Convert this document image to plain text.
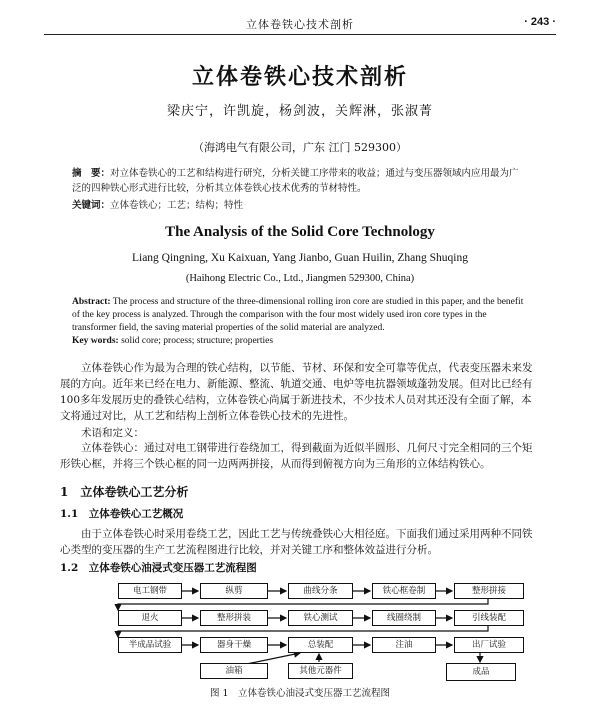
立体卷铁心技术剖析	· 243 ·
立体卷铁心技术剖析
梁庆宁，许凯旋，杨剑波，关辉淋，张淑菁
（海鸿电气有限公司，广东 江门 529300）
摘　要：对立体卷铁心的工艺和结构进行研究，分析关键工序带来的收益；通过与变压器领域内应用最为广泛的四种铁心形式进行比较，分析其立体卷铁心技术优秀的节材特性。
关键词：立体卷铁心；工艺；结构；特性
The Analysis of the Solid Core Technology
Liang Qingning, Xu Kaixuan, Yang Jianbo, Guan Huilin, Zhang Shuqing
(Haihong Electric Co., Ltd., Jiangmen 529300, China)
Abstract: The process and structure of the three-dimensional rolling iron core are studied in this paper, and the benefit of the key process is analyzed. Through the comparison with the four most widely used iron core types in the transformer field, the saving material properties of the solid material are analyzed.
Key words: solid core; process; structure; properties
立体卷铁心作为最为合理的铁心结构，以节能、节材、环保和安全可靠等优点，代表变压器未来发展的方向。近年来已经在电力、新能源、整流、轨道交通、电炉等电抗器领域蓬勃发展。但对比已经有100多年发展历史的叠铁心结构，立体卷铁心尚属于新进技术，不少技术人员对其还没有全面了解，本文将通过对比，从工艺和结构上剖析立体卷铁心技术的先进性。
术语和定义：
立体卷铁心：通过对电工钢带进行卷绕加工，得到截面为近似半圆形、几何尺寸完全相同的三个矩形铁心框，并将三个铁心框的同一边两两拼接，从而得到俯视方向为三角形的立体结构铁心。
1　立体卷铁心工艺分析
1.1　立体卷铁心工艺概况
由于立体卷铁心时采用卷绕工艺，因此工艺与传统叠铁心大相径庭。下面我们通过采用两种不同铁心类型的变压器的生产工艺流程图进行比较，并对关键工序和整体效益进行分析。
1.2　立体卷铁心油浸式变压器工艺流程图
电工钢带	纵剪	曲线分条	铁心框卷制	整形拼接
退火	整形拼装	铁心测试	线圈绕制	引线装配
半成品试验	器身干燥	总装配	注油	出厂试验
油箱	其他元器件	成品
图 1　立体卷铁心油浸式变压器工艺流程图
